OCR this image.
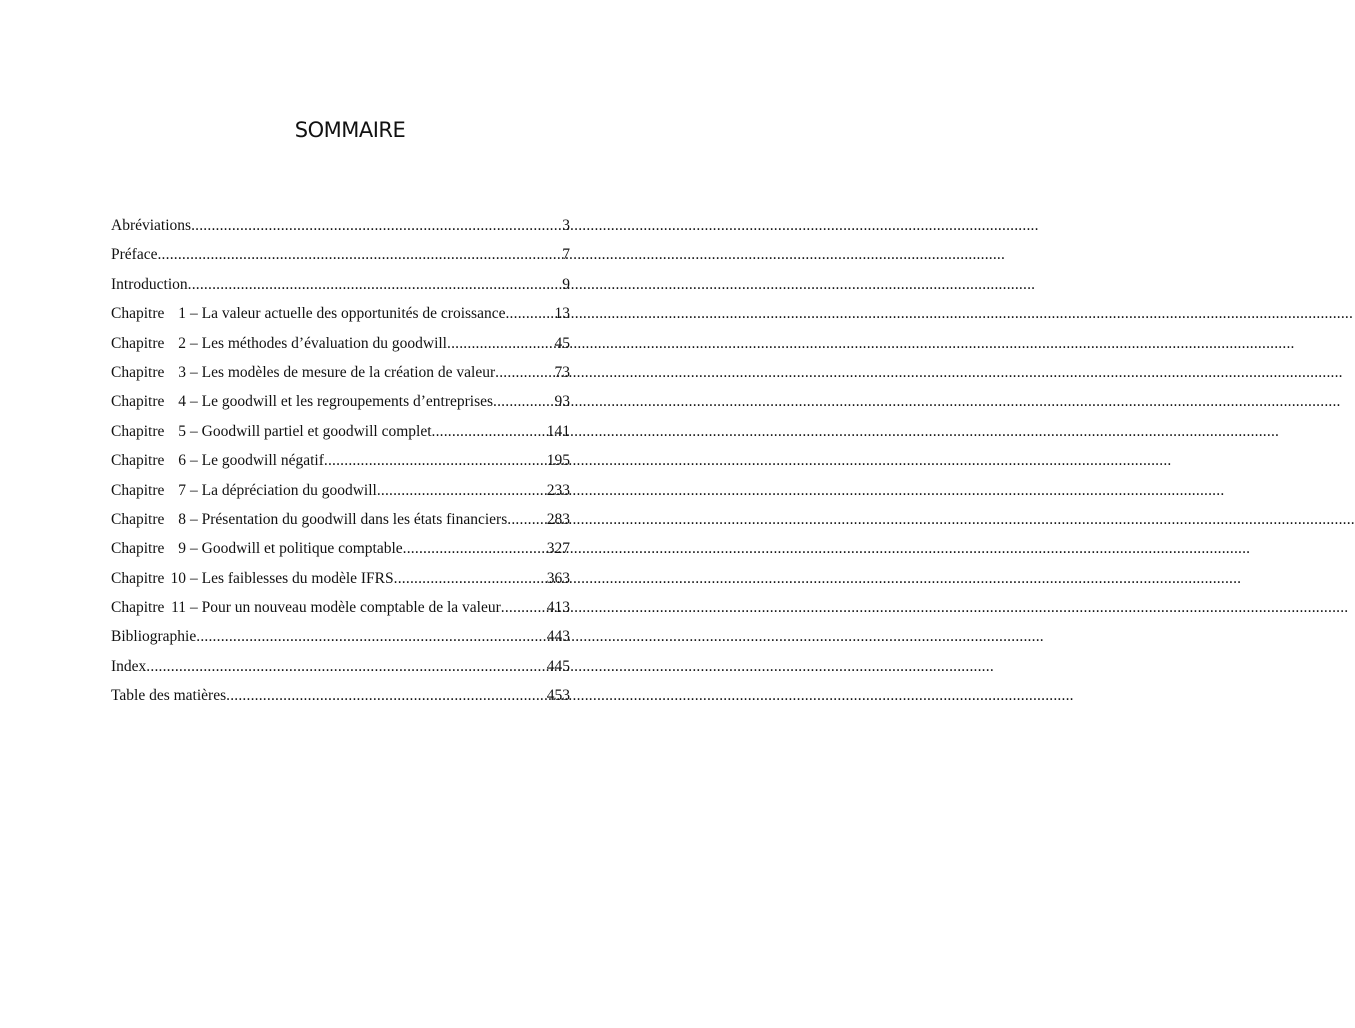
SOMMAIRE
Abréviations .....	3
Préface .....	7
Introduction .....	9
Chapitre 1 – La valeur actuelle des opportunités de croissance .....	13
Chapitre 2 – Les méthodes d’évaluation du goodwill .....	45
Chapitre 3 – Les modèles de mesure de la création de valeur .....	73
Chapitre 4 – Le goodwill et les regroupements d’entreprises .....	93
Chapitre 5 – Goodwill partiel et goodwill complet .....	141
Chapitre 6 – Le goodwill négatif .....	195
Chapitre 7 – La dépréciation du goodwill .....	233
Chapitre 8 – Présentation du goodwill dans les états financiers .....	283
Chapitre 9 – Goodwill et politique comptable .....	327
Chapitre 10 – Les faiblesses du modèle IFRS .....	363
Chapitre 11 – Pour un nouveau modèle comptable de la valeur .....	413
Bibliographie .....	443
Index .....	445
Table des matières .....	453
